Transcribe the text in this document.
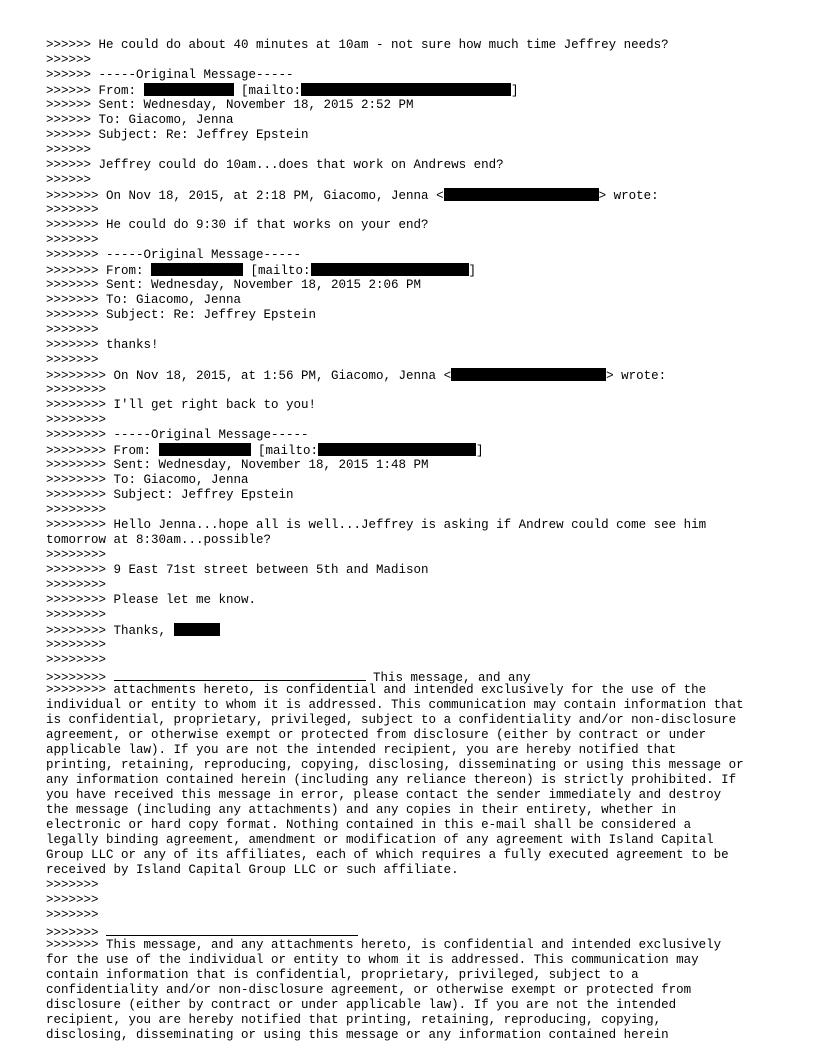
>>>>>> He could do about 40 minutes at 10am - not sure how much time Jeffrey needs?
>>>>>>
>>>>>> -----Original Message-----
>>>>>> From:	[mailto:	]
>>>>>> Sent: Wednesday, November 18, 2015 2:52 PM
>>>>>> To: Giacomo, Jenna
>>>>>> Subject: Re: Jeffrey Epstein
>>>>>>
>>>>>> Jeffrey could do 10am...does that work on Andrews end?
>>>>>>
>>>>>>> On Nov 18, 2015, at 2:18 PM, Giacomo, Jenna <	> wrote:
>>>>>>>
>>>>>>> He could do 9:30 if that works on your end?
>>>>>>>
>>>>>>> -----Original Message-----
>>>>>>> From:	[mailto:	]
>>>>>>> Sent: Wednesday, November 18, 2015 2:06 PM
>>>>>>> To: Giacomo, Jenna
>>>>>>> Subject: Re: Jeffrey Epstein
>>>>>>>
>>>>>>> thanks!
>>>>>>>
>>>>>>>> On Nov 18, 2015, at 1:56 PM, Giacomo, Jenna <	> wrote:
>>>>>>>>
>>>>>>>> I'll get right back to you!
>>>>>>>>
>>>>>>>> -----Original Message-----
>>>>>>>> From:	[mailto:	]
>>>>>>>> Sent: Wednesday, November 18, 2015 1:48 PM
>>>>>>>> To: Giacomo, Jenna
>>>>>>>> Subject: Jeffrey Epstein
>>>>>>>>
>>>>>>>> Hello Jenna...hope all is well...Jeffrey is asking if Andrew could come see him
tomorrow at 8:30am...possible?
>>>>>>>>
>>>>>>>> 9 East 71st street between 5th and Madison
>>>>>>>>
>>>>>>>> Please let me know.
>>>>>>>>
>>>>>>>> Thanks,
>>>>>>>>
>>>>>>>>
>>>>>>>>	This message, and any
>>>>>>>> attachments hereto, is confidential and intended exclusively for the use of the
individual or entity to whom it is addressed. This communication may contain information that
is confidential, proprietary, privileged, subject to a confidentiality and/or non-disclosure
agreement, or otherwise exempt or protected from disclosure (either by contract or under
applicable law). If you are not the intended recipient, you are hereby notified that
printing, retaining, reproducing, copying, disclosing, disseminating or using this message or
any information contained herein (including any reliance thereon) is strictly prohibited. If
you have received this message in error, please contact the sender immediately and destroy
the message (including any attachments) and any copies in their entirety, whether in
electronic or hard copy format. Nothing contained in this e-mail shall be considered a
legally binding agreement, amendment or modification of any agreement with Island Capital
Group LLC or any of its affiliates, each of which requires a fully executed agreement to be
received by Island Capital Group LLC or such affiliate.
>>>>>>>
>>>>>>>
>>>>>>>
>>>>>>>
>>>>>>> This message, and any attachments hereto, is confidential and intended exclusively
for the use of the individual or entity to whom it is addressed. This communication may
contain information that is confidential, proprietary, privileged, subject to a
confidentiality and/or non-disclosure agreement, or otherwise exempt or protected from
disclosure (either by contract or under applicable law). If you are not the intended
recipient, you are hereby notified that printing, retaining, reproducing, copying,
disclosing, disseminating or using this message or any information contained herein
